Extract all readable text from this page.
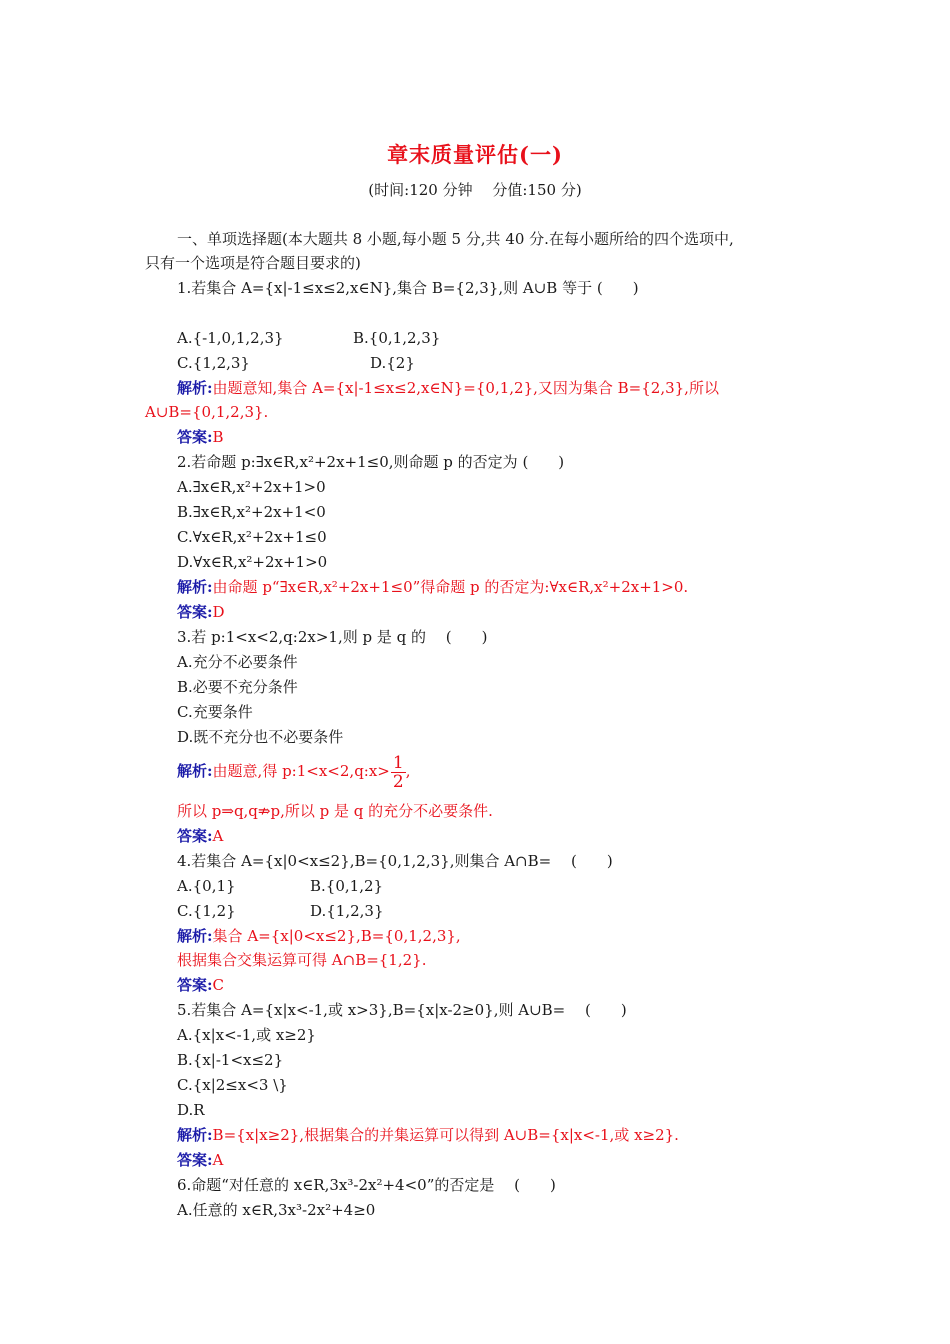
章末质量评估(一)
(时间:120 分钟　 分值:150 分)
一、单项选择题(本大题共 8 小题,每小题 5 分,共 40 分.在每小题所给的四个选项中,
只有一个选项是符合题目要求的)
1.若集合 A={x|-1≤x≤2,x∈N},集合 B={2,3},则 A∪B 等于 (　　)
A.{-1,0,1,2,3}	B.{0,1,2,3}
C.{1,2,3}	D.{2}
解析:由题意知,集合 A={x|-1≤x≤2,x∈N}={0,1,2},又因为集合 B={2,3},所以
A∪B={0,1,2,3}.
答案:B
2.若命题 p:∃x∈R,x²+2x+1≤0,则命题 p 的否定为 (　　)
A.∃x∈R,x²+2x+1>0
B.∃x∈R,x²+2x+1<0
C.∀x∈R,x²+2x+1≤0
D.∀x∈R,x²+2x+1>0
解析:由命题 p“∃x∈R,x²+2x+1≤0”得命题 p 的否定为:∀x∈R,x²+2x+1>0.
答案:D
3.若 p:1<x<2,q:2x>1,则 p 是 q 的　 (　　)
A.充分不必要条件
B.必要不充分条件
C.充要条件
D.既不充分也不必要条件
解析:由题意,得 p:1<x<2,q:x> $\frac{1}{2}$ ,
所以 p⇒q,q⇏p,所以 p 是 q 的充分不必要条件.
答案:A
4.若集合 A={x|0<x≤2},B={0,1,2,3},则集合 A∩B=　 (　　)
A.{0,1}	B.{0,1,2}
C.{1,2}	D.{1,2,3}
解析:集合 A={x|0<x≤2},B={0,1,2,3},
根据集合交集运算可得 A∩B={1,2}.
答案:C
5.若集合 A={x|x<-1,或 x>3},B={x|x-2≥0},则 A∪B=　 (　　)
A.{x|x<-1,或 x≥2}
B.{x|-1<x≤2}
C.{x|2≤x<3 \}
D.R
解析:B={x|x≥2},根据集合的并集运算可以得到 A∪B={x|x<-1,或 x≥2}.
答案:A
6.命题“对任意的 x∈R,3x³-2x²+4<0”的否定是　 (　　)
A.任意的 x∈R,3x³-2x²+4≥0
